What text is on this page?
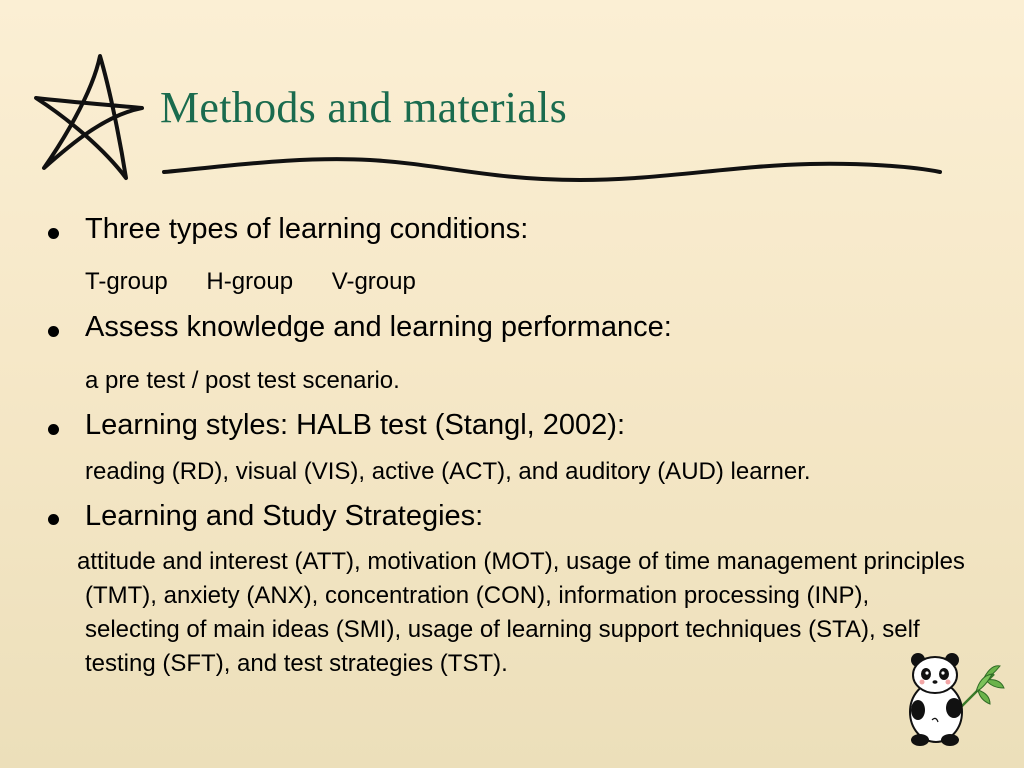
Methods and materials
Three types of learning conditions:
T-group H-group V-group
Assess knowledge and learning performance:
a pre test / post test scenario.
Learning styles: HALB test (Stangl, 2002):
reading (RD), visual (VIS), active (ACT), and auditory (AUD) learner.
Learning and Study Strategies:
attitude and interest (ATT), motivation (MOT), usage of time management principles (TMT), anxiety (ANX), concentration (CON), information processing (INP), selecting of main ideas (SMI), usage of learning support techniques (STA), self testing (SFT), and test strategies (TST).
